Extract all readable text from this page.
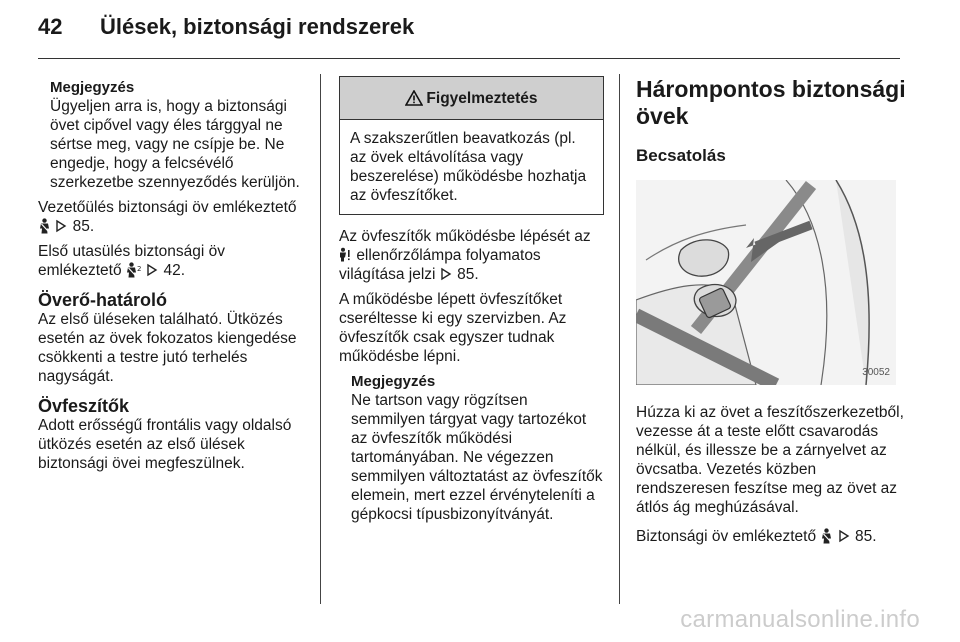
42 Ülések, biztonsági rendszerek

Megjegyzés

Ügyeljen arra is, hogy a biztonsági övet cipővel vagy éles tárggyal ne sértse meg, vagy ne csípje be. Ne engedje, hogy a felcsévélő szerkezetbe szennyeződés kerüljön.

Vezetőülés biztonsági öv emlékeztető   85.

Első utasülés biztonsági öv emlékeztető 2 42.

Överő-határoló

Az első üléseken található. Ütközés esetén az övek fokozatos kiengedése csökkenti a testre jutó terhelés nagyságát.

Övfeszítők

Adott erősségű frontális vagy oldalsó ütközés esetén az első ülések biztonsági övei megfeszülnek.

Figyelmeztetés
A szakszerűtlen beavatkozás (pl. az övek eltávolítása vagy beszerelése) működésbe hozhatja az övfeszítőket.

Az övfeszítők működésbe lépését az  ellenőrzőlámpa folyamatos világítása jelzi 85.

A működésbe lépett övfeszítőket cseréltesse ki egy szervizben. Az övfeszítők csak egyszer tudnak működésbe lépni.

Megjegyzés

Ne tartson vagy rögzítsen semmilyen tárgyat vagy tartozékot az övfeszítők működési tartományában. Ne végezzen semmilyen változtatást az övfeszítők elemein, mert ezzel érvényteleníti a gépkocsi típusbizonyítványát.

Hárompontos biztonsági övek

Becsatolás

30052

Húzza ki az övet a feszítőszerkezetből, vezesse át a teste előtt csavarodás nélkül, és illessze be a zárnyelvet az övcsatba. Vezetés közben rendszeresen feszítse meg az övet az átlós ág meghúzásával.

Biztonsági öv emlékeztető	85.

carmanualsonline.info
